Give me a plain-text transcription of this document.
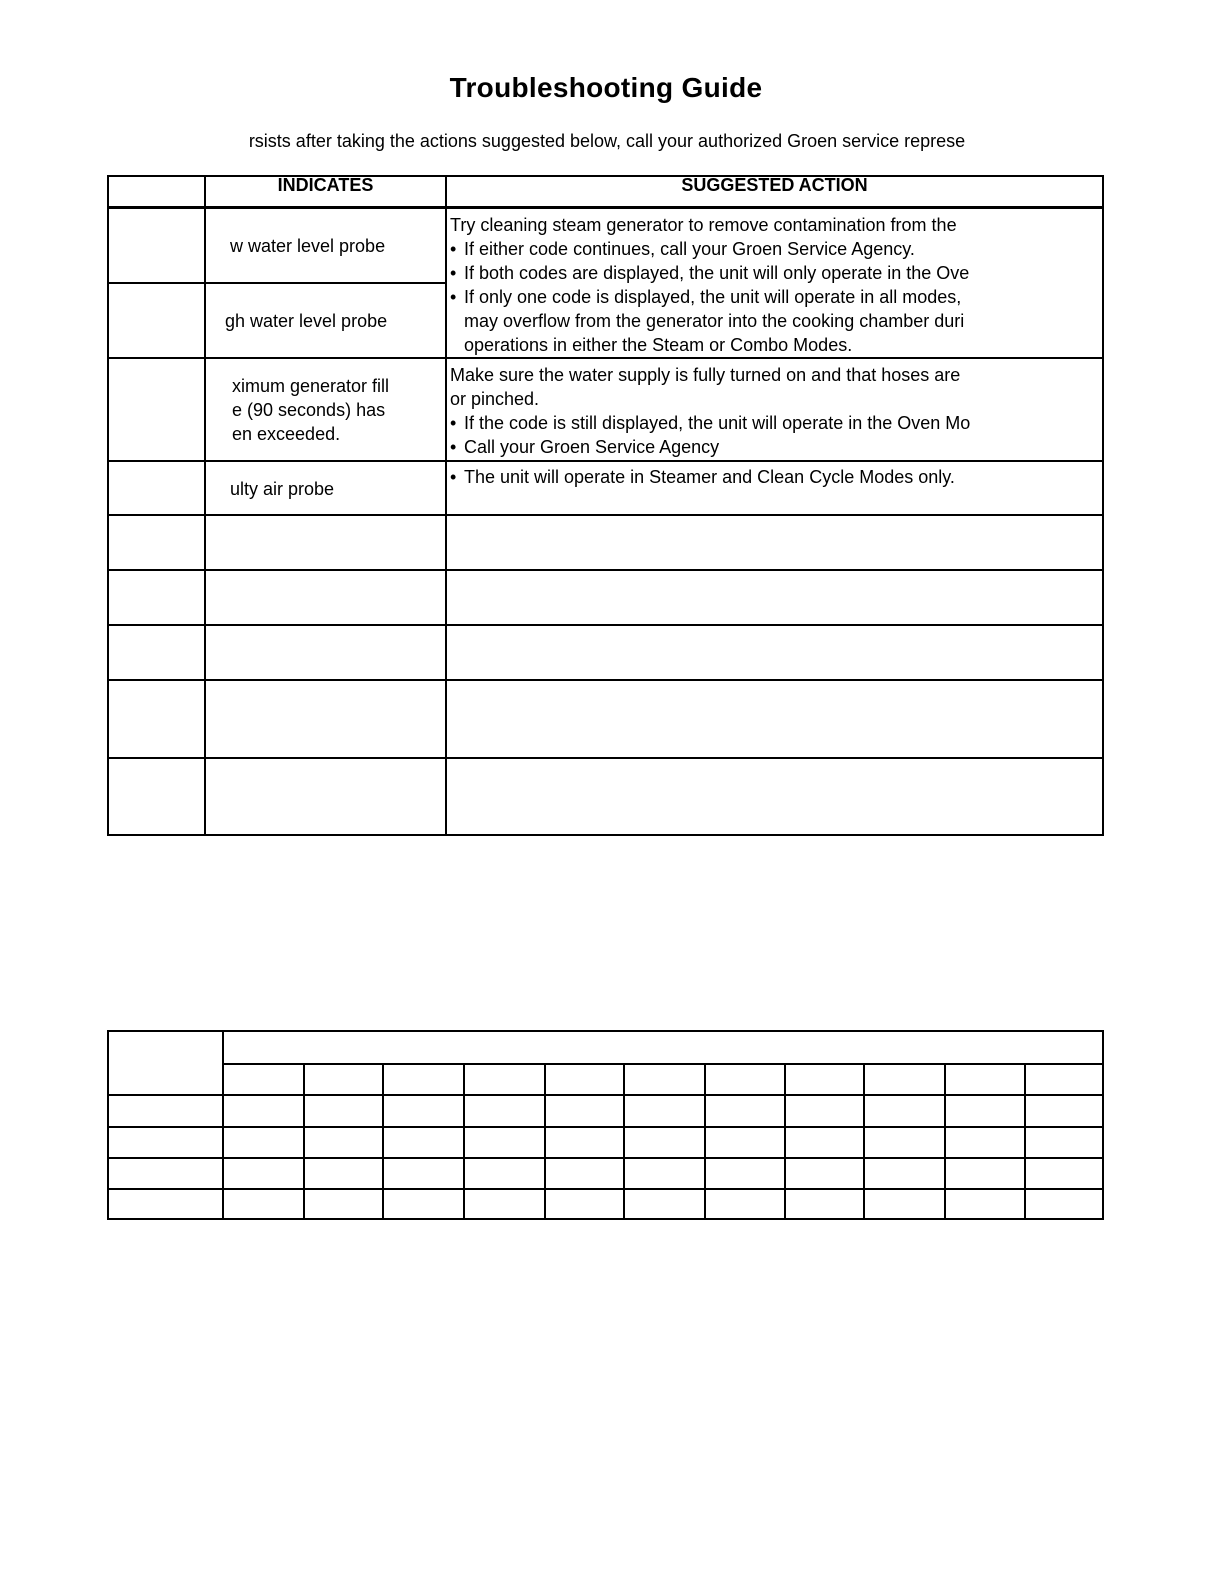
Troubleshooting Guide
rsists after taking the actions suggested below, call your authorized Groen service represe
INDICATES	SUGGESTED ACTION
w water level probe
gh water level probe
ximum generator fill
e (90 seconds) has
en exceeded.
ulty air probe
Try cleaning steam generator to remove contamination from the
• If either code continues, call your Groen Service Agency.
• If both codes are displayed, the unit will only operate in the Ove
• If only one code is displayed, the unit will operate in all modes,
may overflow from the generator into the cooking chamber duri
operations in either the Steam or Combo Modes.
Make sure the water supply is fully turned on and that hoses are
or pinched.
• If the code is still displayed, the unit will operate in the Oven Mo
• Call your Groen Service Agency
• The unit will operate in Steamer and Clean Cycle Modes only.
